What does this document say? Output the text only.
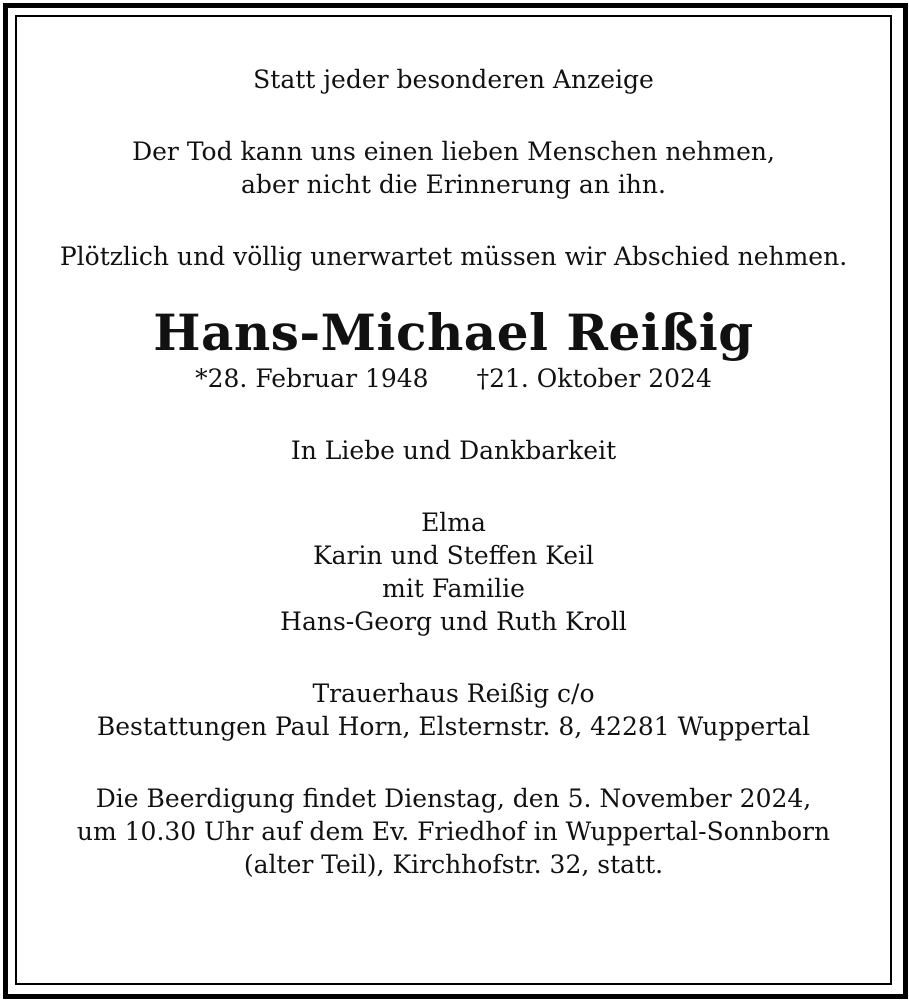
Statt jeder besonderen Anzeige
Der Tod kann uns einen lieben Menschen nehmen,
aber nicht die Erinnerung an ihn.
Plötzlich und völlig unerwartet müssen wir Abschied nehmen.
Hans-Michael Reißig
*28. Februar 1948 †21. Oktober 2024
In Liebe und Dankbarkeit
Elma
Karin und Steffen Keil
mit Familie
Hans-Georg und Ruth Kroll
Trauerhaus Reißig c/o
Bestattungen Paul Horn, Elsternstr. 8, 42281 Wuppertal
Die Beerdigung findet Dienstag, den 5. November 2024,
um 10.30 Uhr auf dem Ev. Friedhof in Wuppertal-Sonnborn
(alter Teil), Kirchhofstr. 32, statt.
